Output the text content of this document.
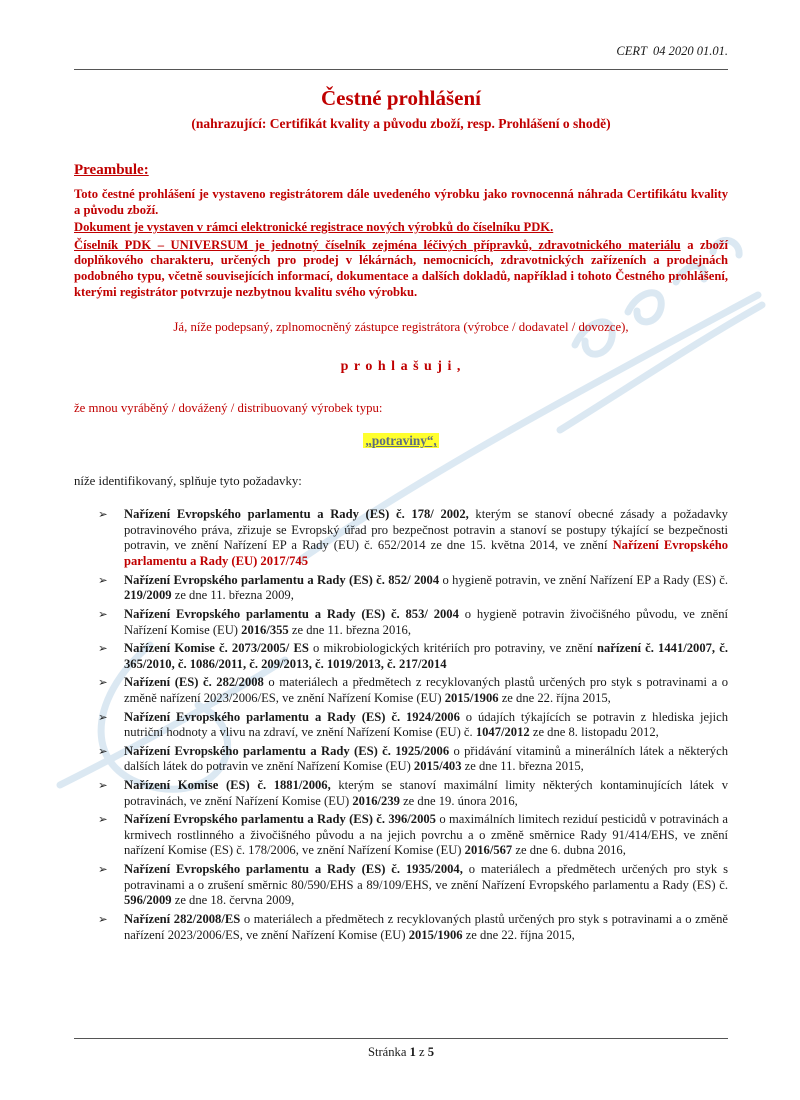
CERT  04 2020 01.01.
Čestné prohlášení
(nahrazující: Certifikát kvality a původu zboží, resp. Prohlášení o shodě)
Preambule:

Toto čestné prohlášení je vystaveno registrátorem dále uvedeného výrobku jako rovnocenná náhrada Certifikátu kvality a původu zboží.

Dokument je vystaven v rámci elektronické registrace nových výrobků do číselníku PDK.

Číselník PDK – UNIVERSUM je jednotný číselník zejména léčivých přípravků, zdravotnického materiálu a zboží doplňkového charakteru, určených pro prodej v lékárnách, nemocnicích, zdravotnických zařízeních a prodejnách podobného typu, včetně souvisejících informací, dokumentace a dalších dokladů, například i tohoto Čestného prohlášení, kterými registrátor potvrzuje nezbytnou kvalitu svého výrobku.

Já, níže podepsaný, zplnomocněný zástupce registrátora (výrobce / dodavatel / dovozce),

p r o h l a š u j i ,

že mnou vyráběný / dovážený / distribuovaný výrobek typu:

„potraviny“,

níže identifikovaný, splňuje tyto požadavky:

➢ Nařízení Evropského parlamentu a Rady (ES) č. 178/ 2002, kterým se stanoví obecné zásady a požadavky potravinového práva, zřizuje se Evropský úřad pro bezpečnost potravin a stanoví se postupy týkající se bezpečnosti potravin, ve znění Nařízení EP a Rady (EU) č. 652/2014 ze dne 15. května 2014, ve znění Nařízení Evropského parlamentu a Rady (EU) 2017/745
➢ Nařízení Evropského parlamentu a Rady (ES) č. 852/ 2004 o hygieně potravin, ve znění Nařízení EP a Rady (ES) č. 219/2009 ze dne 11. března 2009,
➢ Nařízení Evropského parlamentu a Rady (ES) č. 853/ 2004 o hygieně potravin živočišného původu, ve znění Nařízení Komise (EU) 2016/355 ze dne 11. března 2016,
➢ Nařízení Komise č. 2073/2005/ ES o mikrobiologických kritériích pro potraviny, ve znění nařízení č. 1441/2007, č. 365/2010, č. 1086/2011, č. 209/2013, č. 1019/2013, č. 217/2014
➢ Nařízení (ES) č. 282/2008 o materiálech a předmětech z recyklovaných plastů určených pro styk s potravinami a o změně nařízení 2023/2006/ES, ve znění Nařízení Komise (EU) 2015/1906 ze dne 22. října 2015,
➢ Nařízení Evropského parlamentu a Rady (ES) č. 1924/2006 o údajích týkajících se potravin z hlediska jejich nutriční hodnoty a vlivu na zdraví, ve znění Nařízení Komise (EU) č. 1047/2012 ze dne 8. listopadu 2012,
➢ Nařízení Evropského parlamentu a Rady (ES) č. 1925/2006 o přidávání vitaminů a minerálních látek a některých dalších látek do potravin ve znění Nařízení Komise (EU) 2015/403 ze dne 11. března 2015,
➢ Nařízení Komise (ES) č. 1881/2006, kterým se stanoví maximální limity některých kontaminujících látek v potravinách, ve znění Nařízení Komise (EU) 2016/239 ze dne 19. února 2016,
➢ Nařízení Evropského parlamentu a Rady (ES) č. 396/2005 o maximálních limitech reziduí pesticidů v potravinách a krmivech rostlinného a živočišného původu a na jejich povrchu a o změně směrnice Rady 91/414/EHS, ve znění nařízení Komise (ES) č. 178/2006, ve znění Nařízení Komise (EU) 2016/567 ze dne 6. dubna 2016,
➢ Nařízení Evropského parlamentu a Rady (ES) č. 1935/2004, o materiálech a předmětech určených pro styk s potravinami a o zrušení směrnic 80/590/EHS a 89/109/EHS, ve znění Nařízení Evropského parlamentu a Rady (ES) č. 596/2009 ze dne 18. června 2009,
➢ Nařízení 282/2008/ES o materiálech a předmětech z recyklovaných plastů určených pro styk s potravinami a o změně nařízení 2023/2006/ES, ve znění Nařízení Komise (EU) 2015/1906 ze dne 22. října 2015,
Stránka 1 z 5
